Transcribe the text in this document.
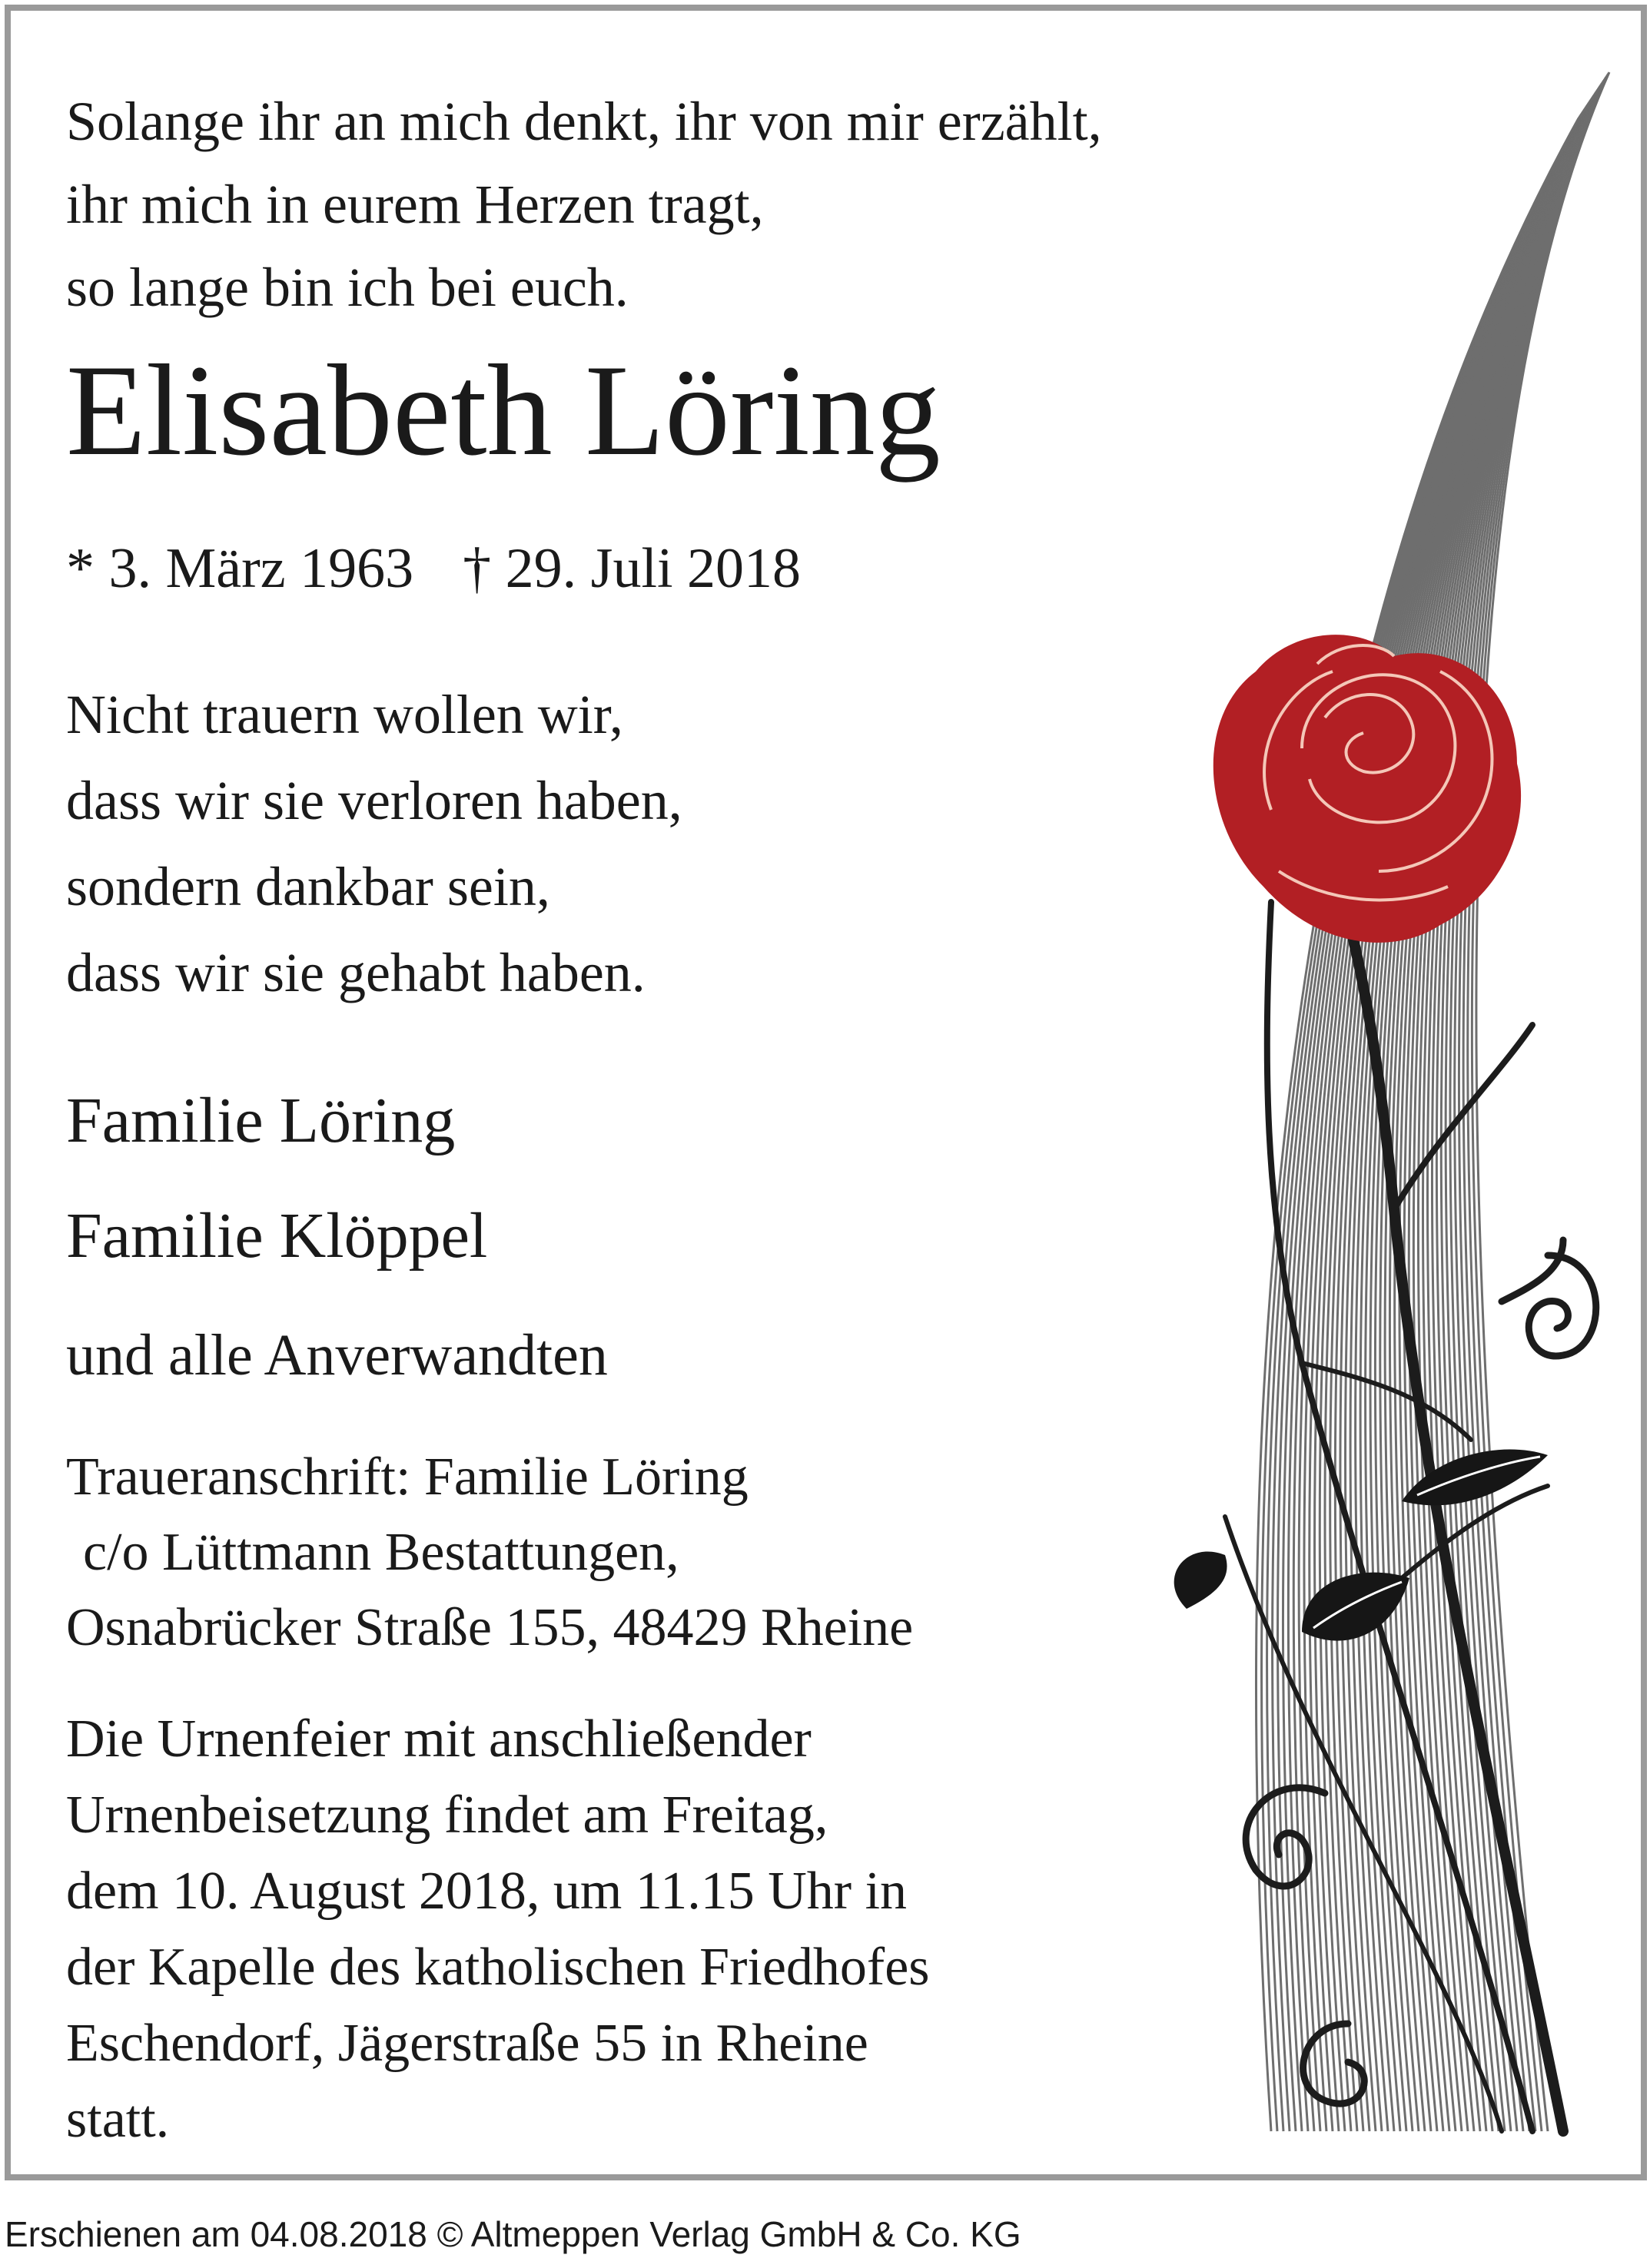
Solange ihr an mich denkt, ihr von mir erzählt,
ihr mich in eurem Herzen tragt,
so lange bin ich bei euch.

Elisabeth Löring
* 3. März 1963 † 29. Juli 2018

Nicht trauern wollen wir,
dass wir sie verloren haben,
sondern dankbar sein,
dass wir sie gehabt haben.

Familie Löring
Familie Klöppel
und alle Anverwandten
Traueranschrift: Familie Löring
c/o Lüttmann Bestattungen,
Osnabrücker Straße 155, 48429 Rheine
Die Urnenfeier mit anschließender
Urnenbeisetzung findet am Freitag,
dem 10. August 2018, um 11.15 Uhr in
der Kapelle des katholischen Friedhofes
Eschendorf, Jägerstraße 55 in Rheine
statt.
Erschienen am 04.08.2018 © Altmeppen Verlag GmbH & Co. KG
